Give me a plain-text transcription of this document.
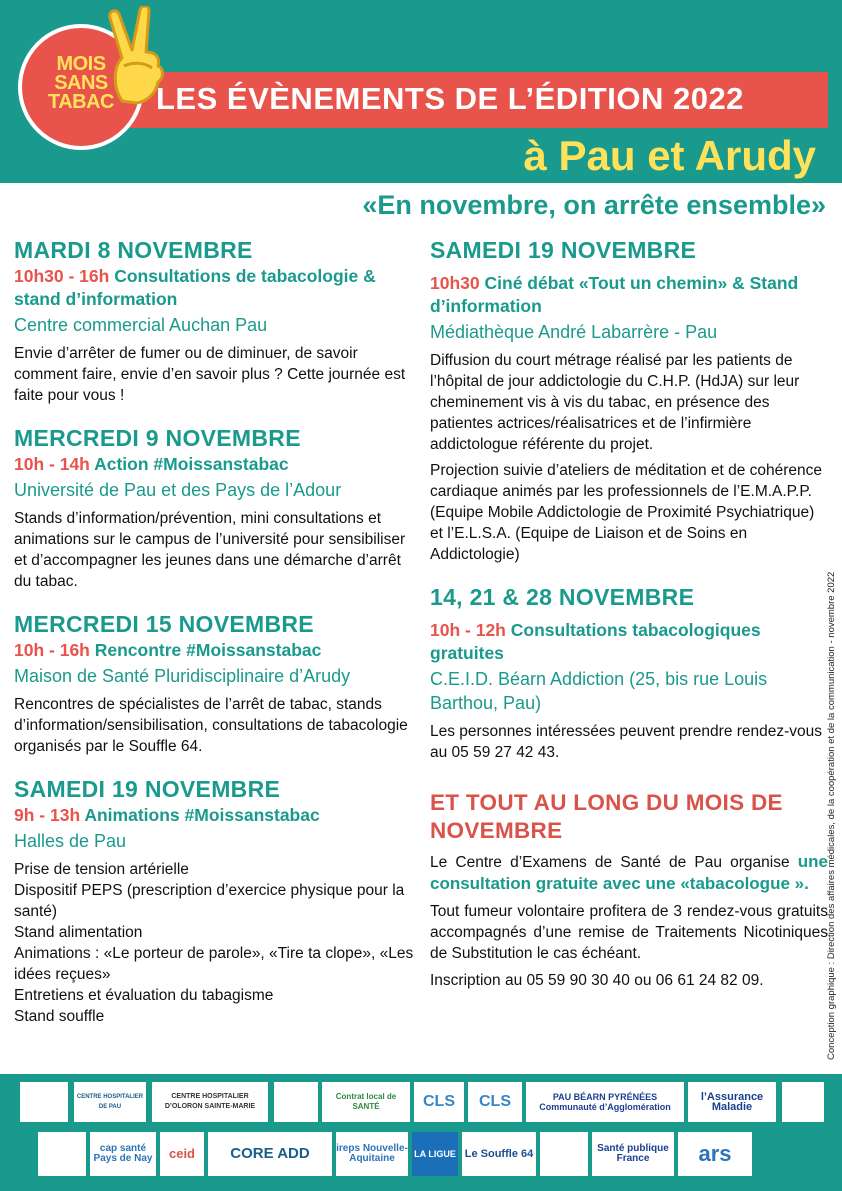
LES ÉVÈNEMENTS DE L’ÉDITION 2022
à Pau et Arudy
MOIS
SANS
TABAC
«En novembre, on arrête ensemble»
MARDI 8 NOVEMBRE
10h30 - 16h Consultations de tabacologie & stand d’information
Centre commercial Auchan Pau
Envie d’arrêter de fumer ou de diminuer, de savoir comment faire, envie d’en savoir plus ? Cette journée est faite pour vous !
MERCREDI 9 NOVEMBRE
10h - 14h Action #Moissanstabac
Université de Pau et des Pays de l’Adour
Stands d’information/prévention, mini consultations et animations sur le campus de l’université pour sensibiliser et d’accompagner les jeunes dans une démarche d’arrêt du tabac.
MERCREDI 15 NOVEMBRE
10h - 16h Rencontre #Moissanstabac
Maison de Santé Pluridisciplinaire d’Arudy
Rencontres de spécialistes de l’arrêt de tabac, stands d’information/sensibilisation, consultations de tabacologie organisés par le Souffle 64.
SAMEDI 19 NOVEMBRE
9h - 13h Animations #Moissanstabac
Halles de Pau

Prise de tension artérielle

Dispositif PEPS (prescription d’exercice physique pour la santé)

Stand alimentation

Animations : «Le porteur de parole», «Tire ta clope», «Les idées reçues»

Entretiens et évaluation du tabagisme

Stand souffle

SAMEDI 19 NOVEMBRE
10h30 Ciné débat «Tout un chemin» & Stand d’information
Médiathèque André Labarrère - Pau
Diffusion du court métrage réalisé par les patients de l’hôpital de jour addictologie du C.H.P. (HdJA) sur leur cheminement vis à vis du tabac, en présence des patientes actrices/réalisatrices et de l’infirmière addictologue référente du projet.
Projection suivie d’ateliers de méditation et de cohérence cardiaque animés par les professionnels de l’E.M.A.P.P. (Equipe Mobile Addictologie de Proximité Psychiatrique) et l’E.L.S.A. (Equipe de Liaison et de Soins en Addictologie)
14, 21 & 28 NOVEMBRE
10h - 12h Consultations tabacologiques gratuites
C.E.I.D. Béarn Addiction (25, bis rue Louis Barthou, Pau)
Les personnes intéressées peuvent prendre rendez-vous au 05 59 27 42 43.
ET TOUT AU LONG DU MOIS DE NOVEMBRE
Le Centre d’Examens de Santé de Pau organise une consultation gratuite avec une «tabacologue ».
Tout fumeur volontaire profitera de 3 rendez-vous gratuits accompagnés d’une remise de Traitements Nicotiniques de Substitution le cas échéant.
Inscription au 05 59 90 30 40 ou 06 61 24 82 09.	Conception graphique : Direction des affaires médicales, de la coopération et de la communication - novembre 2022
CENTRE HOSPITALIER DE PAU
CENTRE HOSPITALIER D’OLORON SAINTE-MARIE
Contrat local de SANTÉ	CLS	CLS	PAU BÉARN PYRÉNÉES Communauté d’Agglomération
l’Assurance Maladie
cap santé Pays de Nay	ceid	CORE ADD	ireps Nouvelle-Aquitaine	LA LIGUE Le Souffle 64	Santé publique France	ars
